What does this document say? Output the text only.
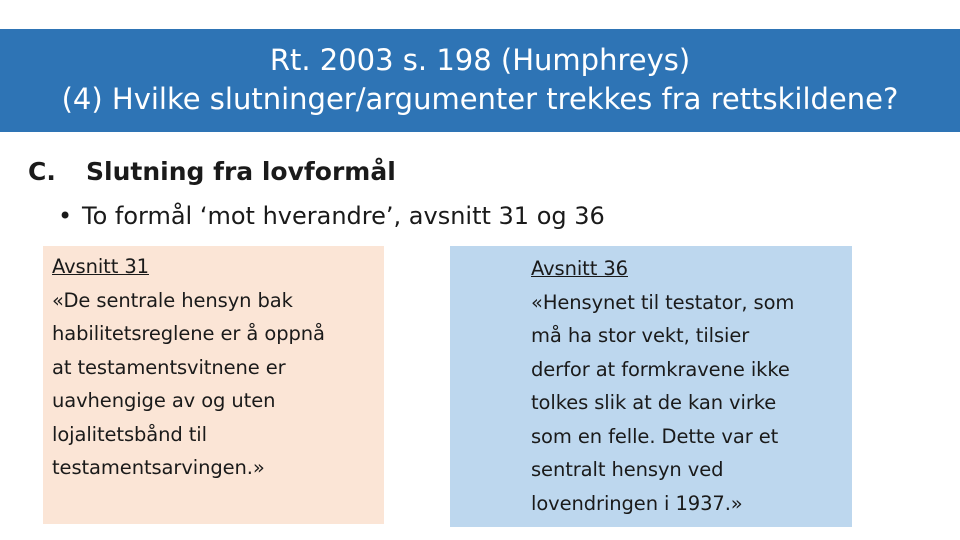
Rt. 2003 s. 198 (Humphreys)
(4) Hvilke slutninger/argumenter trekkes fra rettskildene?
C. Slutning fra lovformål
• To formål ‘mot hverandre’, avsnitt 31 og 36
Avsnitt 31
«De sentrale hensyn bak
habilitetsreglene er å oppnå
at testamentsvitnene er
uavhengige av og uten
lojalitetsbånd til
testamentsarvingen.»
Avsnitt 36
«Hensynet til testator, som
må ha stor vekt, tilsier
derfor at formkravene ikke
tolkes slik at de kan virke
som en felle. Dette var et
sentralt hensyn ved
lovendringen i 1937.»
